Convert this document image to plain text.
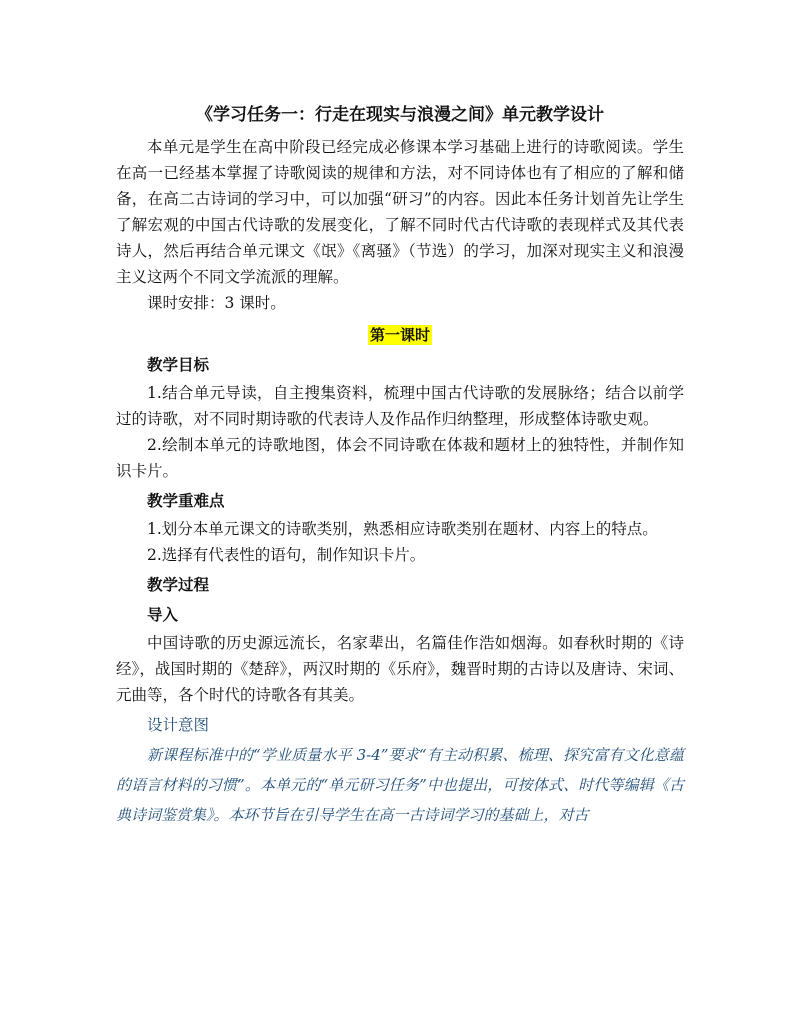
《学习任务一：行走在现实与浪漫之间》单元教学设计

本单元是学生在高中阶段已经完成必修课本学习基础上进行的诗歌阅读。学生在高一已经基本掌握了诗歌阅读的规律和方法，对不同诗体也有了相应的了解和储备，在高二古诗词的学习中，可以加强“研习”的内容。因此本任务计划首先让学生了解宏观的中国古代诗歌的发展变化，了解不同时代古代诗歌的表现样式及其代表诗人，然后再结合单元课文《氓》《离骚》（节选）的学习，加深对现实主义和浪漫主义这两个不同文学流派的理解。

课时安排：3 课时。

第一课时

教学目标

1.结合单元导读，自主搜集资料，梳理中国古代诗歌的发展脉络；结合以前学过的诗歌，对不同时期诗歌的代表诗人及作品作归纳整理，形成整体诗歌史观。

2.绘制本单元的诗歌地图，体会不同诗歌在体裁和题材上的独特性，并制作知识卡片。

教学重难点

1.划分本单元课文的诗歌类别，熟悉相应诗歌类别在题材、内容上的特点。

2.选择有代表性的语句，制作知识卡片。

教学过程

导入

中国诗歌的历史源远流长，名家辈出，名篇佳作浩如烟海。如春秋时期的《诗经》，战国时期的《楚辞》，两汉时期的《乐府》，魏晋时期的古诗以及唐诗、宋词、元曲等，各个时代的诗歌各有其美。

设计意图

新课程标准中的“学业质量水平 3-4”要求“有主动积累、梳理、探究富有文化意蕴的语言材料的习惯”。本单元的“单元研习任务”中也提出，可按体式、时代等编辑《古典诗词鉴赏集》。本环节旨在引导学生在高一古诗词学习的基础上，对古
